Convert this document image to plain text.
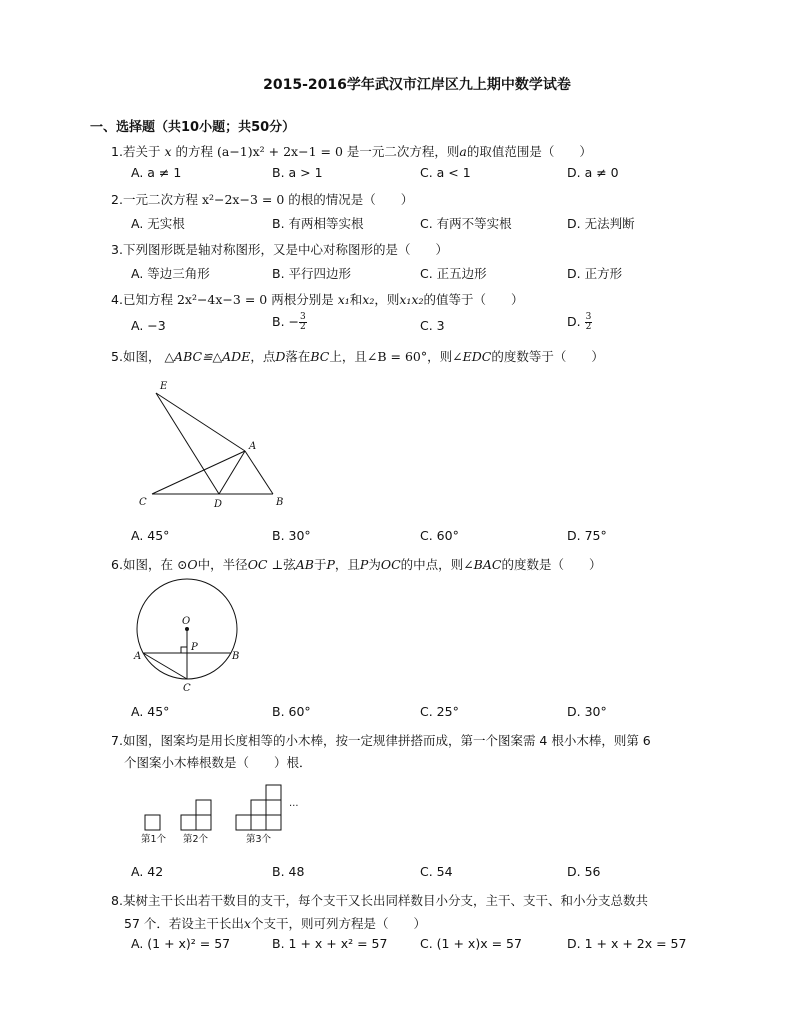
2015-2016学年武汉市江岸区九上期中数学试卷
一、选择题（共10小题；共50分）
1.若关于 x 的方程 (a−1)x² + 2x−1 = 0 是一元二次方程，则a的取值范围是（　　）
A. a ≠ 1	B. a > 1	C. a < 1	D. a ≠ 0
2.一元二次方程 x²−2x−3 = 0 的根的情况是（　　）
A. 无实根	B. 有两相等实根	C. 有两不等实根	D. 无法判断
3.下列图形既是轴对称图形，又是中心对称图形的是（　　）
A. 等边三角形	B. 平行四边形	C. 正五边形	D. 正方形
4.已知方程 2x²−4x−3 = 0 两根分别是 x₁和x₂，则x₁x₂的值等于（　　）
A. −3	B. − $\frac{3}{2}$	C. 3	D. $\frac{3}{2}$
5.如图， △ABC≌△ADE，点D落在BC上，且∠B = 60°，则∠EDC的度数等于（　　）
E
A
C	D	B
O
P
A	B
C
第1个 第2个	第3个
…
A. 45°	B. 30°	C. 60°	D. 75°
6.如图，在 ⊙O中，半径OC ⊥弦AB于P，且P为OC的中点，则∠BAC的度数是（　　）
A. 45°	B. 60°	C. 25°	D. 30°
7.如图，图案均是用长度相等的小木棒，按一定规律拼搭而成，第一个图案需 4 根小木棒，则第 6
个图案小木棒根数是（　　）根．
A. 42	B. 48	C. 54	D. 56
8.某树主干长出若干数目的支干，每个支干又长出同样数目小分支，主干、支干、和小分支总数共
57 个．若设主干长出x个支干，则可列方程是（　　）
A. (1 + x)² = 57	B. 1 + x + x² = 57	C. (1 + x)x = 57	D. 1 + x + 2x = 57
